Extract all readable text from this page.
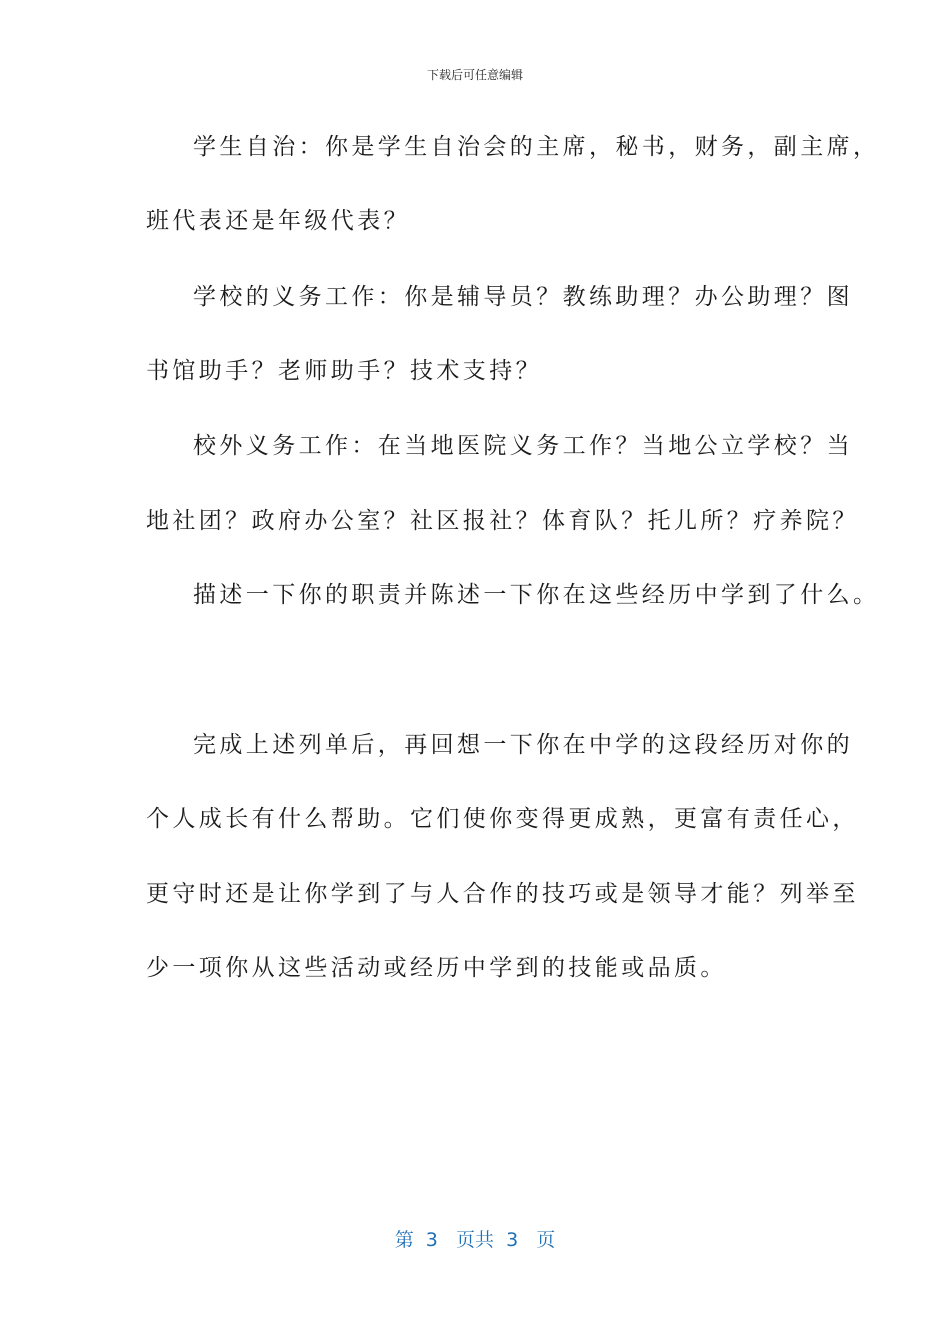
下载后可任意编辑
学生自治：你是学生自治会的主席，秘书，财务，副主席，
班代表还是年级代表？
学校的义务工作：你是辅导员？教练助理？办公助理？图
书馆助手？老师助手？技术支持？
校外义务工作：在当地医院义务工作？当地公立学校？当
地社团？政府办公室？社区报社？体育队？托儿所？疗养院？
描述一下你的职责并陈述一下你在这些经历中学到了什么。
完成上述列单后，再回想一下你在中学的这段经历对你的
个人成长有什么帮助。它们使你变得更成熟，更富有责任心，
更守时还是让你学到了与人合作的技巧或是领导才能？列举至
少一项你从这些活动或经历中学到的技能或品质。
第  3   页共  3   页
